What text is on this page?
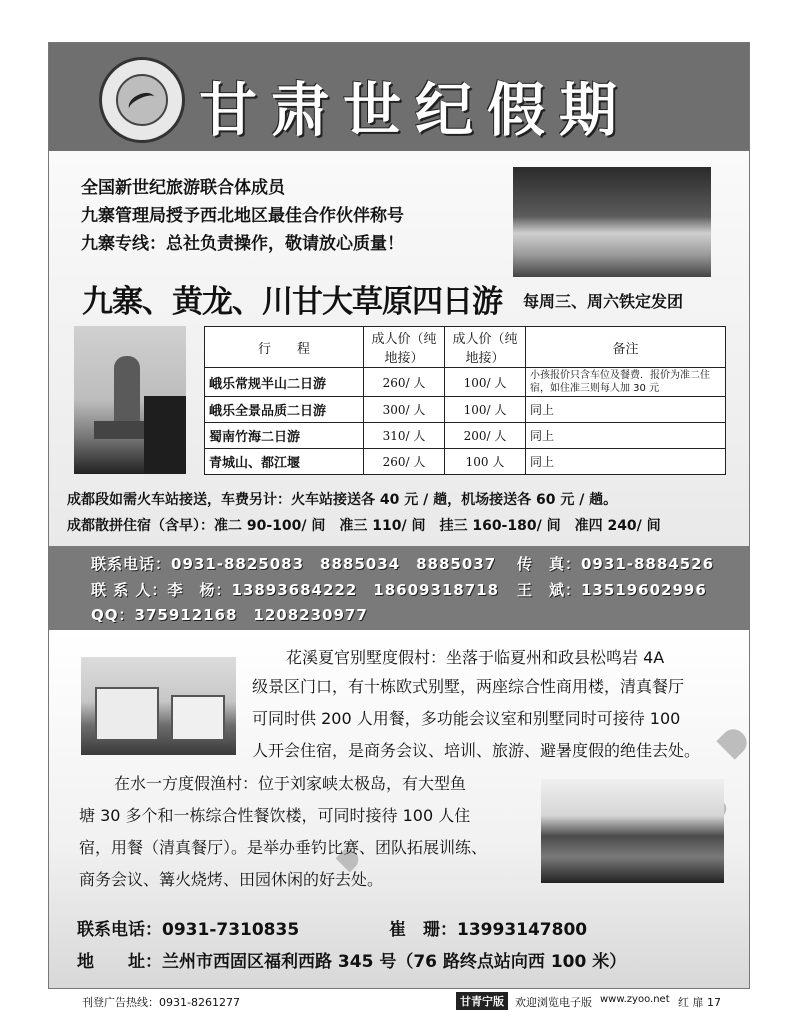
甘肃世纪假期
全国新世纪旅游联合体成员
九寨管理局授予西北地区最佳合作伙伴称号
九寨专线：总社负责操作，敬请放心质量！
九寨、黄龙、川甘大草原四日游 每周三、周六铁定发团
行　　程	成人价（纯地接）	成人价（纯地接）	备注
峨乐常规半山二日游	260/ 人	100/ 人	小孩报价只含车位及餐费．报价为准二住宿，如住准三则每人加 30 元
峨乐全景品质二日游	300/ 人	100/ 人	同上
蜀南竹海二日游	310/ 人	200/ 人	同上
青城山、都江堰	260/ 人	100 人	同上
成都段如需火车站接送，车费另计：火车站接送各 40 元 / 趟，机场接送各 60 元 / 趟。
成都散拼住宿（含早）：准二 90-100/ 间　准三 110/ 间　挂三 160-180/ 间　准四 240/ 间
联系电话：0931-8825083　8885034　8885037 传　真：0931-8884526
联 系 人：李　杨：13893684222　18609318718 王　斌：13519602996
QQ：375912168　1208230977
花溪夏官别墅度假村：坐落于临夏州和政县松鸣岩 4A
级景区门口，有十栋欧式别墅，两座综合性商用楼，清真餐厅
可同时供 200 人用餐，多功能会议室和别墅同时可接待 100
人开会住宿，是商务会议、培训、旅游、避暑度假的绝佳去处。
在水一方度假渔村：位于刘家峡太极岛，有大型鱼
塘 30 多个和一栋综合性餐饮楼，可同时接待 100 人住
宿，用餐（清真餐厅）。是举办垂钓比赛、团队拓展训练、
商务会议、篝火烧烤、田园休闲的好去处。
联系电话：0931-7310835	崔　珊：13993147800
地　　址：兰州市西固区福利西路 345 号（76 路终点站向西 100 米）
刊登广告热线：0931-8261277	甘青宁版	欢迎浏览电子版 www.zyoo.net 红 扉 17
